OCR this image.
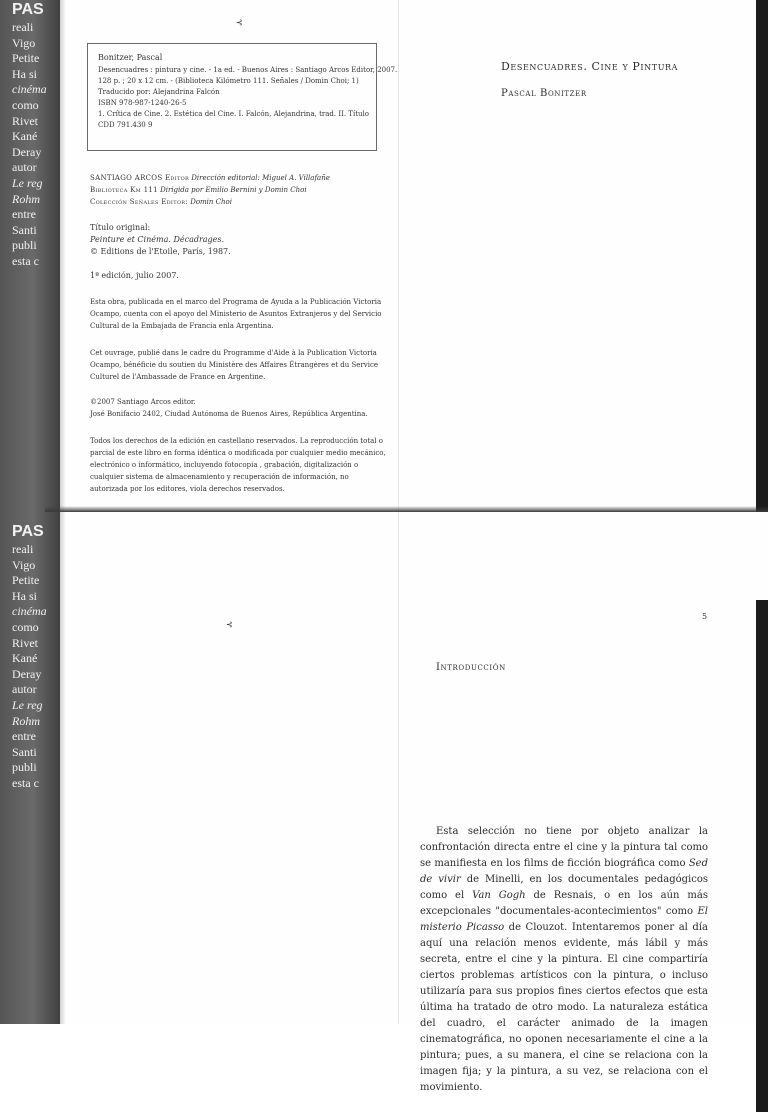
PAS
reali
Vigo
Petite
Ha si
cinéma
como
Rivet
Kané
Deray
autor
Le reg
Rohm
entre
Santi
publi
esta c
⊰
Bonitzer, Pascal
Desencuadres : pintura y cine. - 1a ed. - Buenos Aires : Santiago Arcos Editor, 2007.
128 p. ; 20 x 12 cm. - (Biblioteca Kilómetro 111. Señales / Domin Choi; 1)
Traducido por: Alejandrina Falcón
ISBN 978-987-1240-26-5
1. Crítica de Cine. 2. Estética del Cine. I. Falcón, Alejandrina, trad. II. Título
CDD 791.430 9
SANTIAGO ARCOS Editor Dirección editorial: Miguel A. Villafañe
Biblioteca Km 111 Dirigida por Emilio Bernini y Domin Choi
Colección Señales Editor: Domin Choi
Título original:
Peinture et Cinéma. Décadrages.
© Editions de l'Etoile, París, 1987.
1ª edición, julio 2007.

Esta obra, publicada en el marco del Programa de Ayuda a la Publicación Victoria Ocampo, cuenta con el apoyo del Ministerio de Asuntos Extranjeros y del Servicio Cultural de la Embajada de Francia enla Argentina.

Cet ouvrage, publié dans le cadre du Programme d'Aide à la Publication Victoria Ocampo, bénéficie du soutien du Ministère des Affaires Étrangères et du Service Culturel de l'Ambassade de France en Argentine.

©2007 Santiago Arcos editor.
José Bonifacio 2402, Ciudad Autónoma de Buenos Aires, República Argentina.

Todos los derechos de la edición en castellano reservados. La reproducción total o parcial de este libro en forma idéntica o modificada por cualquier medio mecánico, electrónico o informático, incluyendo fotocopia , grabación, digitalización o cualquier sistema de almacenamiento y recuperación de información, no autorizada por los editores, viola derechos reservados.

Desencuadres. Cine y Pintura
Pascal Bonitzer
PAS
reali
Vigo
Petite
Ha si
cinéma
como
Rivet
Kané
Deray
autor
Le reg
Rohm
entre
Santi
publi
esta c
⊰
5
Introducción

Esta selección no tiene por objeto analizar la confrontación directa entre el cine y la pintura tal como se manifiesta en los films de ficción biográfica como Sed de vivir de Minelli, en los documentales pedagógicos como el Van Gogh de Resnais, o en los aún más excepcionales "documentales-acontecimientos" como El misterio Picasso de Clouzot. Intentaremos poner al día aquí una relación menos evidente, más lábil y más secreta, entre el cine y la pintura. El cine compartiría ciertos problemas artísticos con la pintura, o incluso utilizaría para sus propios fines ciertos efectos que esta última ha tratado de otro modo. La naturaleza estática del cuadro, el carácter animado de la imagen cinematográfica, no oponen necesariamente el cine a la pintura; pues, a su manera, el cine se relaciona con la imagen fija; y la pintura, a su vez, se relaciona con el movimiento.
